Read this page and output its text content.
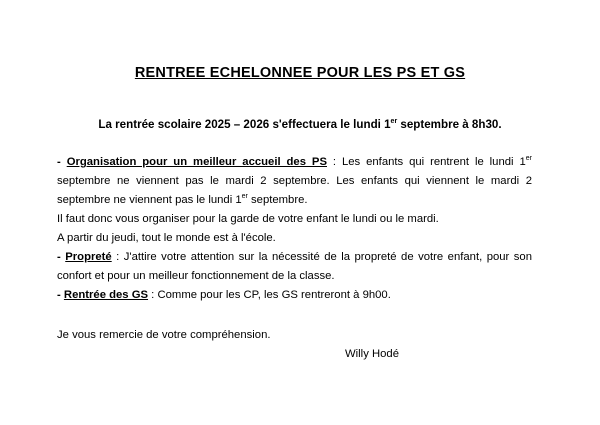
RENTREE ECHELONNEE POUR LES PS ET GS
La rentrée scolaire 2025 – 2026 s'effectuera le lundi 1er septembre à 8h30.
- Organisation pour un meilleur accueil des PS : Les enfants qui rentrent le lundi 1er septembre ne viennent pas le mardi 2 septembre. Les enfants qui viennent le mardi 2 septembre ne viennent pas le lundi 1er septembre.
Il faut donc vous organiser pour la garde de votre enfant le lundi ou le mardi.
A partir du jeudi, tout le monde est à l'école.
- Propreté : J'attire votre attention sur la nécessité de la propreté de votre enfant, pour son confort et pour un meilleur fonctionnement de la classe.
- Rentrée des GS : Comme pour les CP, les GS rentreront à 9h00.
Je vous remercie de votre compréhension.
Willy Hodé
